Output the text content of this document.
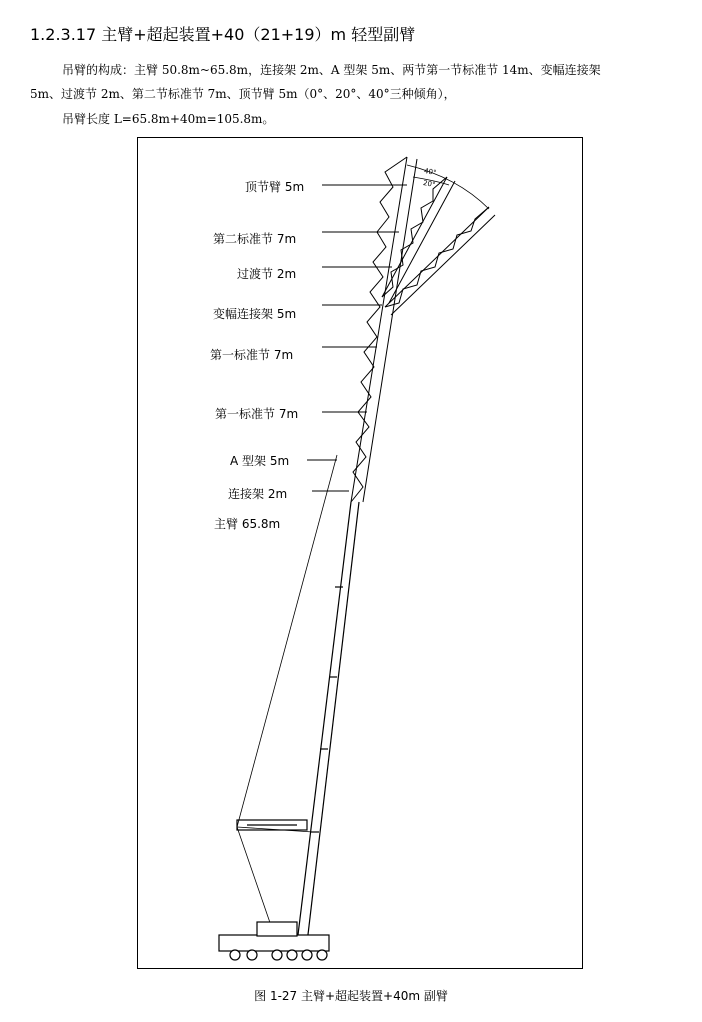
1.2.3.17 主臂+超起装置+40（21+19）m 轻型副臂
吊臂的构成：主臂 50.8m~65.8m，连接架 2m、A 型架 5m、两节第一节标准节 14m、变幅连接架
5m、过渡节 2m、第二节标准节 7m、顶节臂 5m（0°、20°、40°三种倾角），
吊臂长度 L=65.8m+40m=105.8m。
顶节臂 5m
第二标准节 7m
过渡节 2m
变幅连接架 5m
第一标准节 7m
第一标准节 7m
A 型架 5m
连接架 2m
主臂 65.8m
40°
20°
图 1-27 主臂+超起装置+40m 副臂
